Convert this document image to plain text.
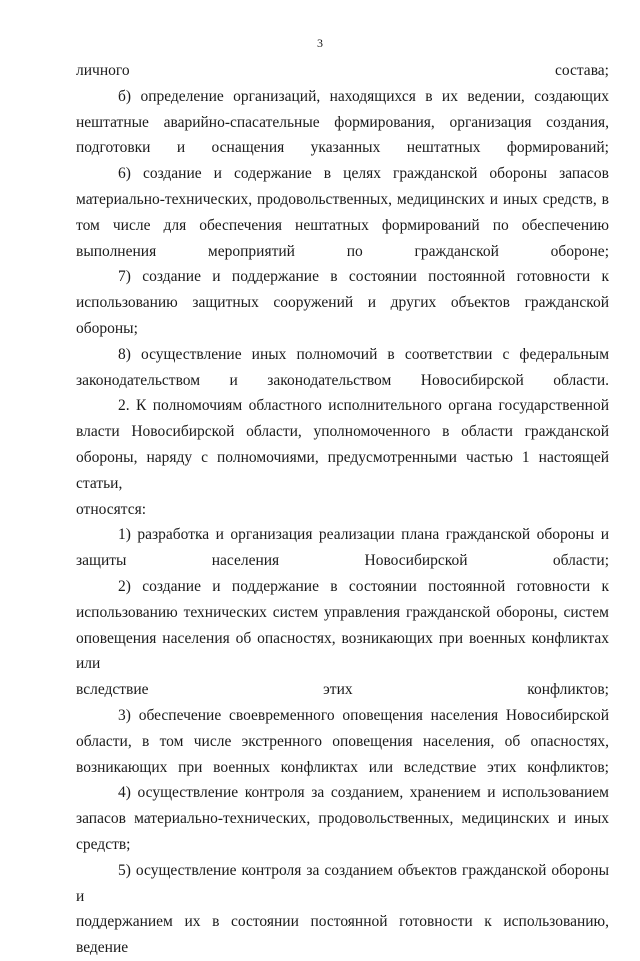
3

личного состава;

б) определение организаций, находящихся в их ведении, создающих
нештатные аварийно-спасательные формирования, организация создания,
подготовки и оснащения указанных нештатных формирований;

6) создание и содержание в целях гражданской обороны запасов
материально-технических, продовольственных, медицинских и иных средств, в
том числе для обеспечения нештатных формирований по обеспечению
выполнения мероприятий по гражданской обороне;

7) создание и поддержание в состоянии постоянной готовности к
использованию защитных сооружений и других объектов гражданской обороны;

8) осуществление иных полномочий в соответствии с федеральным
законодательством и законодательством Новосибирской области.

2. К полномочиям областного исполнительного органа государственной
власти Новосибирской области, уполномоченного в области гражданской
обороны, наряду с полномочиями, предусмотренными частью 1 настоящей статьи,
относятся:

1) разработка и организация реализации плана гражданской обороны и
защиты населения Новосибирской области;

2) создание и поддержание в состоянии постоянной готовности к
использованию технических систем управления гражданской обороны, систем
оповещения населения об опасностях, возникающих при военных конфликтах или
вследствие этих конфликтов;

3) обеспечение своевременного оповещения населения Новосибирской
области, в том числе экстренного оповещения населения, об опасностях,
возникающих при военных конфликтах или вследствие этих конфликтов;

4) осуществление контроля за созданием, хранением и использованием
запасов материально-технических, продовольственных, медицинских и иных
средств;

5) осуществление контроля за созданием объектов гражданской обороны и
поддержанием их в состоянии постоянной готовности к использованию, ведение
